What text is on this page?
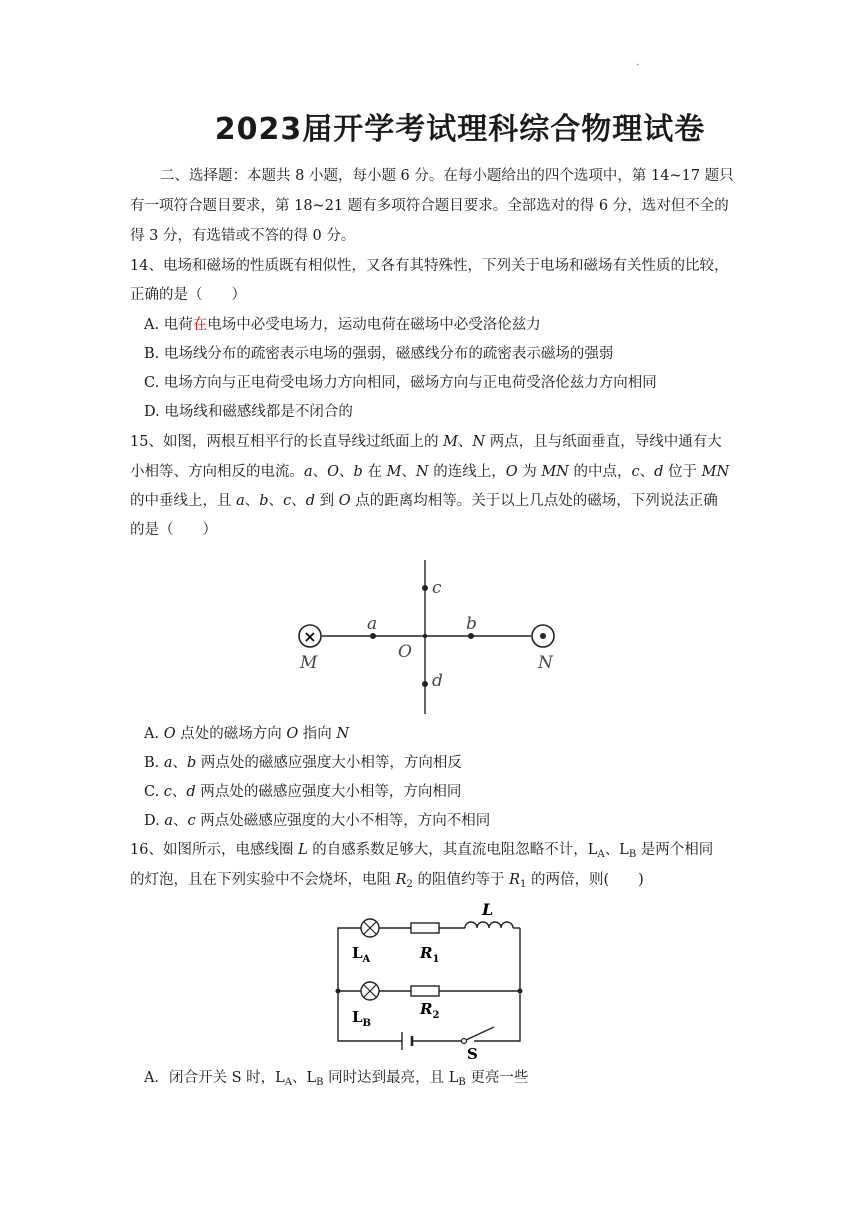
·
2023届开学考试理科综合物理试卷
二、选择题：本题共 8 小题，每小题 6 分。在每小题给出的四个选项中，第 14~17 题只
有一项符合题目要求，第 18~21 题有多项符合题目要求。全部选对的得 6 分，选对但不全的
得 3 分，有选错或不答的得 0 分。
14、电场和磁场的性质既有相似性，又各有其特殊性，下列关于电场和磁场有关性质的比较，
正确的是（　　）
A. 电荷在电场中必受电场力，运动电荷在磁场中必受洛伦兹力
B. 电场线分布的疏密表示电场的强弱，磁感线分布的疏密表示磁场的强弱
C. 电场方向与正电荷受电场力方向相同，磁场方向与正电荷受洛伦兹力方向相同
D. 电场线和磁感线都是不闭合的
15、如图，两根互相平行的长直导线过纸面上的 M、N 两点，且与纸面垂直，导线中通有大
小相等、方向相反的电流。a、O、b 在 M、N 的连线上，O 为 MN 的中点，c、d 位于 MN
的中垂线上，且 a、b、c、d 到 O 点的距离均相等。关于以上几点处的磁场，下列说法正确
的是（　　）
×
M	N
O
a	b
c
d
A. O 点处的磁场方向 O 指向 N
B. a、b 两点处的磁感应强度大小相等，方向相反
C. c、d 两点处的磁感应强度大小相等，方向相同
D. a、c 两点处磁感应强度的大小不相等，方向不相同
16、如图所示，电感线圈 L 的自感系数足够大，其直流电阻忽略不计，$L_A$、$L_B$ 是两个相同
的灯泡，且在下列实验中不会烧坏，电阻 $R_2$ 的阻值约等于 $R_1$ 的两倍，则(　　)
L
$L_A$	$R_1$
$L_B$
$R_2$
S
A．闭合开关 S 时，$L_A$、$L_B$ 同时达到最亮，且 $L_B$ 更亮一些
